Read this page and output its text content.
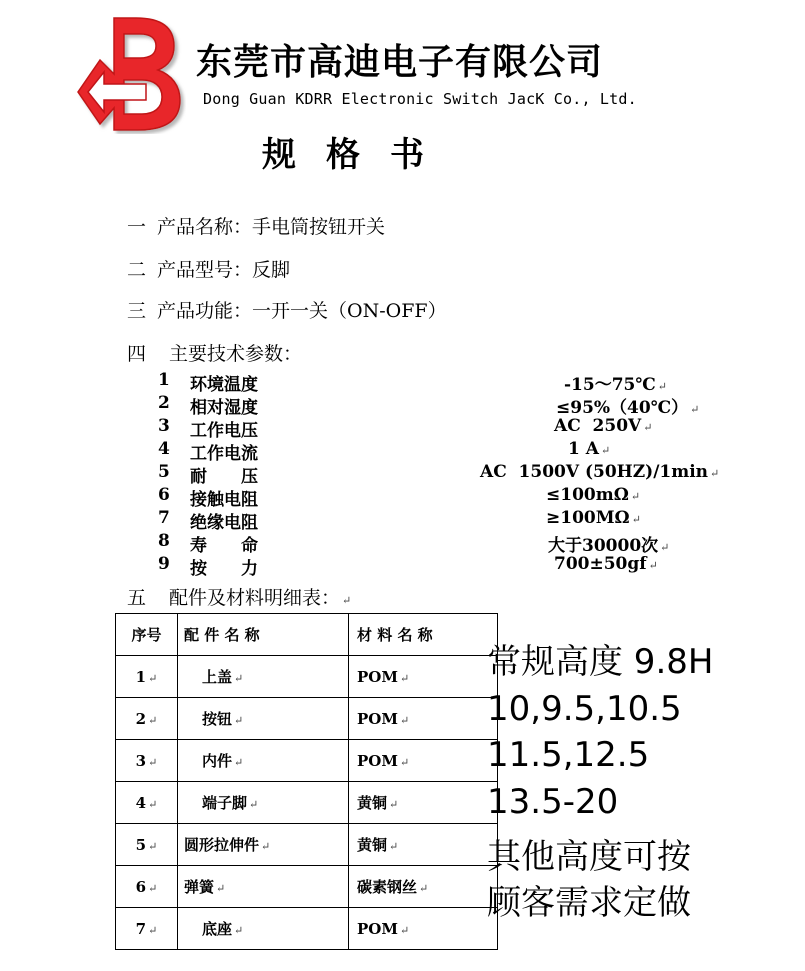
东莞市高迪电子有限公司
Dong Guan KDRR Electronic Switch JacK Co., Ltd.
规格书
一 产品名称：手电筒按钮开关
二 产品型号：反脚
三 产品功能：一开一关（ON-OFF）
四 主要技术参数：
1 环境温度	-15～75℃ ↵
2 相对湿度	≤95%（40℃） ↵
3 工作电压	AC  250V ↵
4 工作电流	1 A ↵
5 耐　　压	AC  1500V (50HZ)/1min ↵
6 接触电阻	≤100mΩ ↵
7 绝缘电阻	≥100MΩ ↵
8 寿　　命	大于30000次 ↵
9 按　　力	700±50gf ↵
五 配件及材料明细表： ↵
序号	配 件 名 称	材 料 名 称
1 ↵	上盖 ↵	POM ↵
2 ↵	按钮 ↵	POM ↵
3 ↵	内件 ↵	POM ↵
4 ↵	端子脚 ↵	黄铜 ↵
5 ↵	圆形拉伸件 ↵	黄铜 ↵
6 ↵	弹簧 ↵	碳素钢丝 ↵
7 ↵	底座 ↵	POM ↵
常规高度 9.8H
10,9.5,10.5
11.5,12.5
13.5-20
其他高度可按
顾客需求定做
